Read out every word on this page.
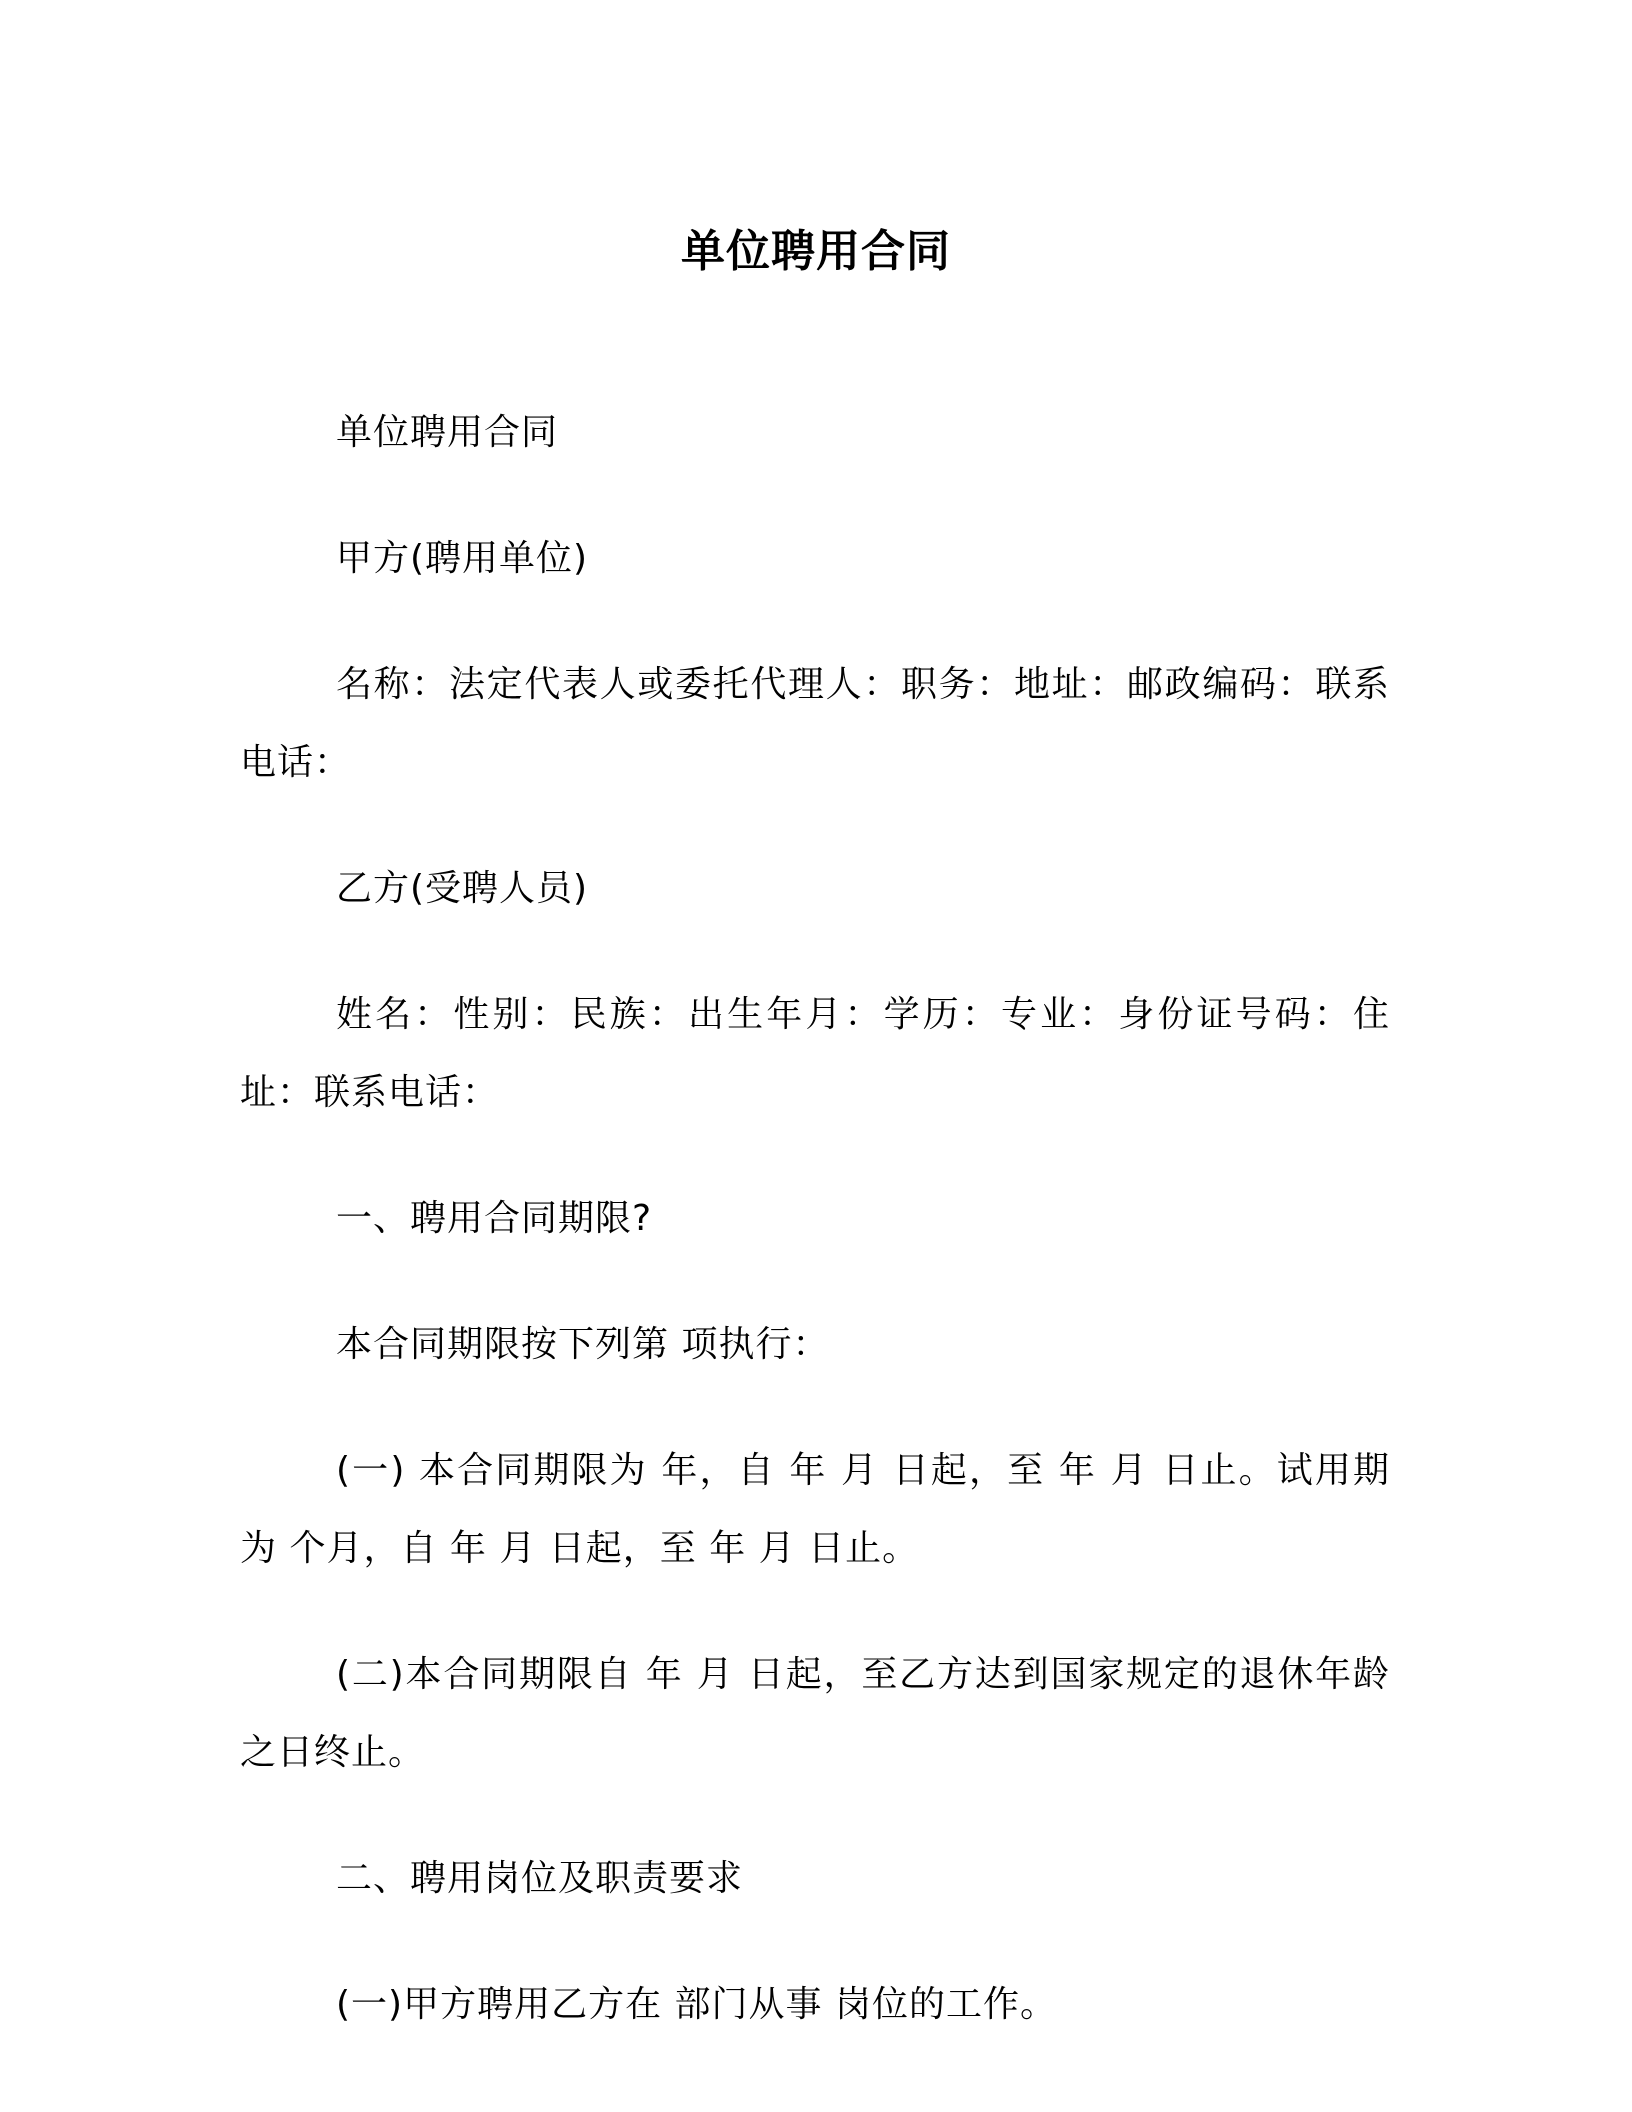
单位聘用合同

单位聘用合同

甲方(聘用单位)

名称：法定代表人或委托代理人：职务：地址：邮政编码：联系电话：

乙方(受聘人员)

姓名：性别：民族：出生年月：学历：专业：身份证号码：住址：联系电话：

一、聘用合同期限?

本合同期限按下列第 项执行：

(一) 本合同期限为 年，自 年 月 日起，至 年 月 日止。试用期为 个月，自 年 月 日起，至 年 月 日止。

(二)本合同期限自 年 月 日起，至乙方达到国家规定的退休年龄之日终止。

二、聘用岗位及职责要求

(一)甲方聘用乙方在 部门从事 岗位的工作。
